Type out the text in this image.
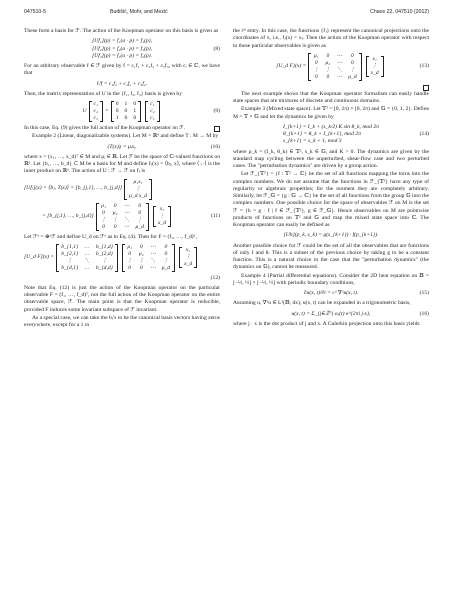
047510-5	Budišić, Mohr, and Mezić	Chaos 22, 047510 (2012)

These form a basis for ℱ. The action of the Koopman operator on this basis is given as

[Uf₁](p) = f₁(a · p) = f₁(p),
[Uf₂](p) = f₂(a · p) = f₃(p),
[Uf₃](p) = f₃(a · p) = f₂(p).
(8)

For an arbitrary observable f ∈ ℱ given by f = c₁f₁ + c₂f₂ + c₃f₃, with cᵢ ∈ ℂ, we have that

Uf = c₁f₃ + c₂f₁ + c₃f₂.

Then, the matrix representation of U in the {f₁, f₂, f₃} basis is given by

U
c₁
c₂
c₃
=
0 1 0
0 0 1
1 0 0
c₁
c₂
c₃
(9)

In this case, Eq. (9) gives the full action of the Koopman operator on ℱ.

Example 2 (Linear, diagonalizable systems). Let M = ℝᵈ and define T : M → M by

(T(x))ᵢ = μᵢxᵢ,	(10)

where x = (x₁, …, x_d)ᵀ ∈ M and μᵢ ∈ ℝ. Let ℱ be the space of ℂ-valued functions on ℝᵈ. Let {b₁, …, b_d} ⊂ M be a basis for M and define fⱼ(x) = ⟨bⱼ, x⟩, where ⟨·,·⟩ is the inner product on ℝᵈ. The action of U : ℱ → ℱ on fⱼ is

[Ufⱼ](x) = ⟨bⱼ, T(x)⟩ = [b_{j,1}, …, b_{j,d}]
μ₁x₁
⋮
μ_d x_d
= [b_{j,1}, …, b_{j,d}]
μ₁ 0 ⋯	0
0 μ₂ ⋯	0
⋮ ⋮ ⋱ ⋮
0 0 ⋯ μ_d
x₁
⋮
x_d
(11)

Let ℱᵈ = ⊕ᵈℱ and define U_d on ℱᵈ as in Eq. (4). Then for F = (f₁, …, f_d)ᵀ,

[U_d F](x) =
b_{1,1} … b_{1,d}
b_{2,1} … b_{2,d}
⋮	⋱	⋮
b_{d,1} … b_{d,d}
μ₁ 0 ⋯	0
0 μ₂ ⋯	0
⋮ ⋮ ⋱ ⋮
0 0 ⋯ μ_d
x₁
⋮
x_d
(12)

Note that Eq. (12) is just the action of the Koopman operator on the particular observable F = (f₁, …, f_d)ᵀ, not the full action of the Koopman operator on the entire observable space, ℱ. The main point is that the Koopman operator is reducible, provided F induces some invariant subspace of ℱ invariant.

As a special case, we can take the bⱼ's to be the canonical basis vectors having zeros everywhere, except for a 1 in

the iᵗʰ entry. In this case, the functions {fⱼ} represent the canonical projections onto the coordinates of x, i.e., fⱼ(x) = xⱼ. Then the action of the Koopman operator with respect to these particular observables is given as

[U_d F](x) =
μ₁ 0 ⋯	0
0 μ₂ ⋯	0
⋮ ⋮ ⋱ ⋮
0 0 ⋯ μ_d
x₁
⋮
x_d
(13)

The next example shows that the Koopman operator formalism can easily handle state spaces that are mixtures of discrete and continuous domains.

Example 3 (Mixed state space). Let 𝕋² = [0, 2π) × [0, 2π) and 𝔾 = {0, 1, 2}. Define M = 𝕋 × 𝔾 and let the dynamics be given by

I_{k+1} = I_k + (s_k/2) K sin θ_k, mod 2π
θ_{k+1} = θ_k + I_{k+1}, mod 2π
s_{k+1} = s_k + 1, mod 3
(14)

where p_k = (I_k, θ_k) ∈ 𝕋², s_k ∈ 𝔾, and K > 0. The dynamics are given by the standard map cycling between the unperturbed, shear-flow case and two perturbed cases. The "perturbation dynamics" are driven by a group action.

Let ℱ_{𝕋²} = {f : 𝕋² → ℂ} be the set of all functions mapping the torus into the complex numbers. We do not assume that the functions in ℱ_{𝕋²} have any type of regularity or algebraic properties; for the moment they are completely arbitrary. Similarly, let ℱ_𝔾 = {g : 𝔾 → ℂ} be the set of all functions from the group 𝔾 into the complex numbers. One possible choice for the space of observables ℱ on M is the set ℱ = {h = g · f | f ∈ ℱ_{𝕋²}, g ∈ ℱ_𝔾}. Hence observables on M are pointwise products of functions on 𝕋² and 𝔾 and map the mixed state space into ℂ. The Koopman operator can easily be defined as

[Uh](p_k, s_k) = g(s_{k+1}) · f(p_{k+1}).

Another possible choice for ℱ could be the set of all the observables that are functions of only I and θ. This is a subset of the previous choice by taking g to be a constant function. This is a natural choice in the case that the "perturbation dynamics" (the dynamics on 𝔾), cannot be measured.

Example 4 (Partial differential equations). Consider the 2D heat equation on 𝔹 = [−½, ½] × [−½, ½] with periodic boundary conditions,

∂u(x, t)/∂t = c² ∇²u(x, t).	(15)

Assuming u, ∇²u ∈ L²(𝔹, dx), u(x, t) can be expanded in a trigonometric basis,

u(x, t) = Σ_{j∈ℤ²} aⱼ(t) e^{2πi j·x},	(16)

where j · x is the dot product of j and x. A Galerkin projection onto this basis yields
